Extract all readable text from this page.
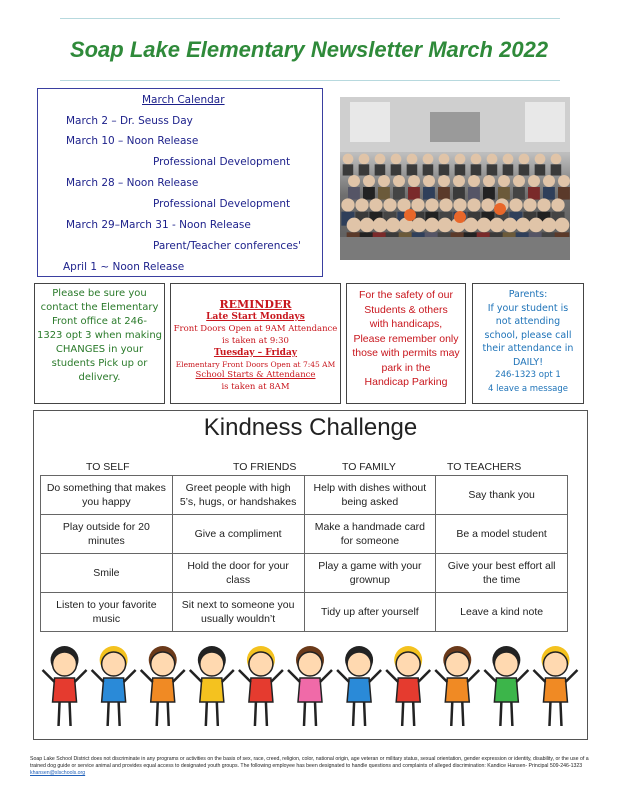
Soap Lake Elementary Newsletter March 2022
March Calendar
March 2 – Dr. Seuss Day
March 10 – Noon Release
Professional Development
March 28 – Noon Release
Professional Development
March 29–March 31 - Noon Release
Parent/Teacher conferences'
April 1 ~ Noon Release
Please be sure you
contact the Elementary
Front office at 246-
1323 opt 3 when making
CHANGES in your
students Pick up or
delivery.
REMINDER
Late Start Mondays
Front Doors Open at 9AM Attendance
is taken at 9:30
Tuesday – Friday
Elementary Front Doors Open at 7:45 AM
School Starts & Attendance
is taken at 8AM
For the safety of our
Students & others
with handicaps,
Please remember only
those with permits may
park in the
Handicap Parking
Parents:
If your student is
not attending
school, please call
their attendance in
DAILY!
246-1323 opt 1
4 leave a message
Kindness Challenge
TO SELF	TO FRIENDS	TO FAMILY	TO TEACHERS
Do something that makes you happy	Greet people with high 5’s, hugs, or handshakes	Help with dishes without being asked	Say thank you
Play outside for 20 minutes	Give a compliment	Make a handmade card for someone	Be a model student
Smile	Hold the door for your class	Play a game with your grownup	Give your best effort all the time
Listen to your favorite music	Sit next to someone you usually wouldn’t	Tidy up after yourself	Leave a kind note
Soap Lake School District does not discriminate in any programs or activities on the basis of sex, race, creed, religion, color, national origin, age veteran or military status, sexual orientation, gender expression or identity, disability, or the use of a trained dog guide or service animal and provides equal access to designated youth groups. The following employee has been designated to handle questions and complaints of alleged discrimination: Kandice Hansen- Principal 509-246-1323 khansen@slschools.org
